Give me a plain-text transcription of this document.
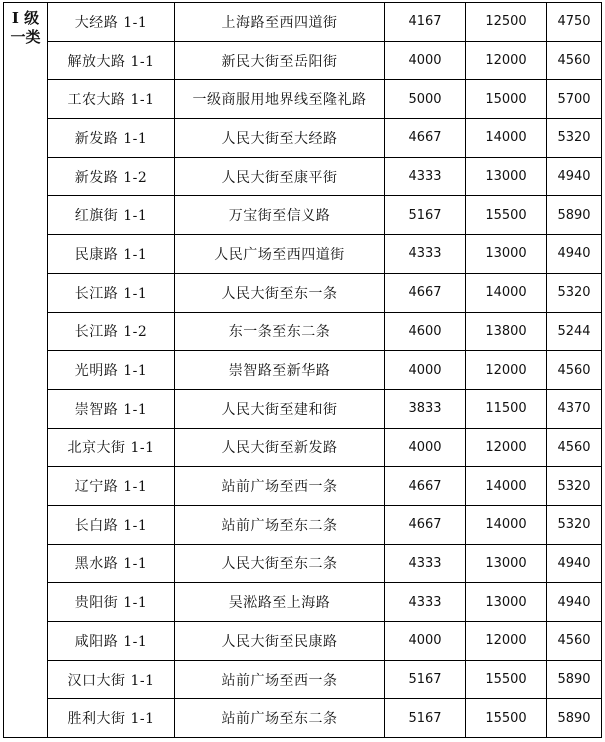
I 级
一类	大经路 1-1	上海路至西四道街	4167	12500	4750
	解放大路 1-1	新民大街至岳阳街	4000	12000	4560
	工农大路 1-1	一级商服用地界线至隆礼路	5000	15000	5700
	新发路 1-1	人民大街至大经路	4667	14000	5320
	新发路 1-2	人民大街至康平街	4333	13000	4940
	红旗街 1-1	万宝街至信义路	5167	15500	5890
	民康路 1-1	人民广场至西四道街	4333	13000	4940
	长江路 1-1	人民大街至东一条	4667	14000	5320
	长江路 1-2	东一条至东二条	4600	13800	5244
	光明路 1-1	崇智路至新华路	4000	12000	4560
	崇智路 1-1	人民大街至建和街	3833	11500	4370
	北京大街 1-1	人民大街至新发路	4000	12000	4560
	辽宁路 1-1	站前广场至西一条	4667	14000	5320
	长白路 1-1	站前广场至东二条	4667	14000	5320
	黑水路 1-1	人民大街至东二条	4333	13000	4940
	贵阳街 1-1	吴淞路至上海路	4333	13000	4940
	咸阳路 1-1	人民大街至民康路	4000	12000	4560
	汉口大街 1-1	站前广场至西一条	5167	15500	5890
	胜利大街 1-1	站前广场至东二条	5167	15500	5890
